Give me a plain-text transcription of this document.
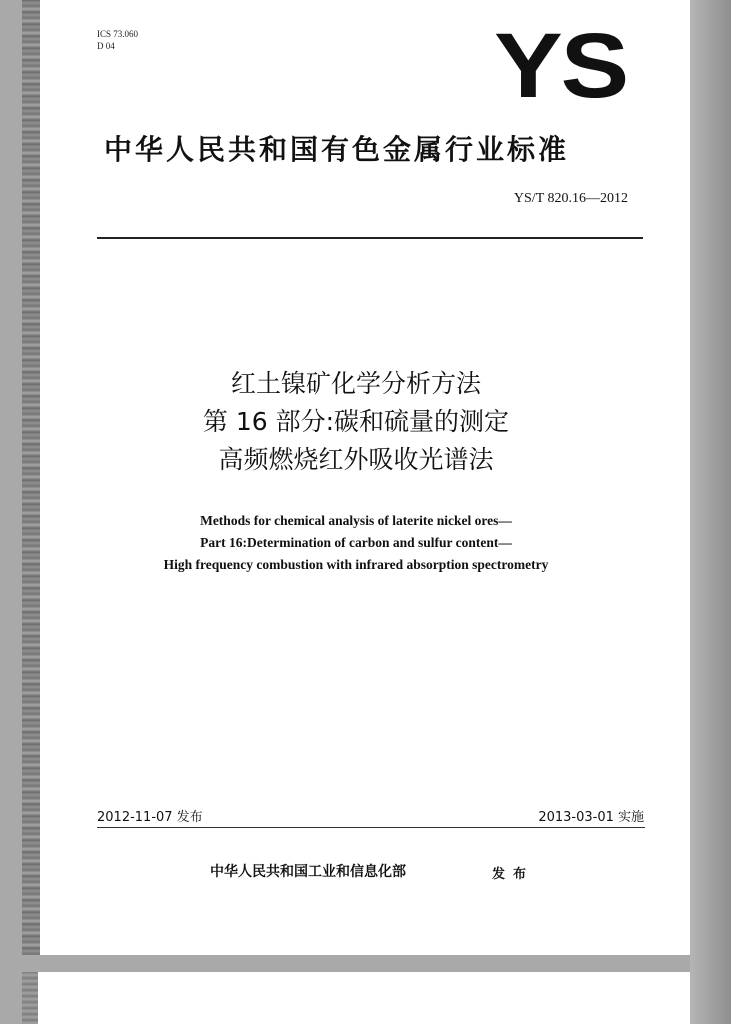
ICS 73.060
D 04	YS
中华人民共和国有色金属行业标准
YS/T 820.16—2012
红土镍矿化学分析方法
第 16 部分:碳和硫量的测定
高频燃烧红外吸收光谱法
Methods for chemical analysis of laterite nickel ores—
Part 16:Determination of carbon and sulfur content—
High frequency combustion with infrared absorption spectrometry
2012-11-07 发布	2013-03-01 实施
中华人民共和国工业和信息化部	发布
